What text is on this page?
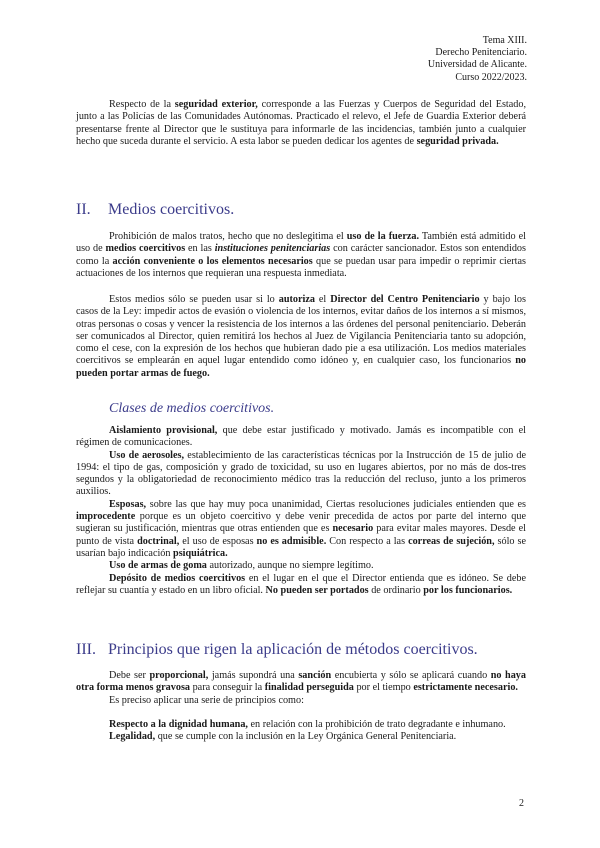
Tema XIII.
Derecho Penitenciario.
Universidad de Alicante.
Curso 2022/2023.

Respecto de la seguridad exterior, corresponde a las Fuerzas y Cuerpos de Seguridad del Estado, junto a las Policías de las Comunidades Autónomas. Practicado el relevo, el Jefe de Guardia Exterior deberá presentarse frente al Director que le sustituya para informarle de las incidencias, también junto a cualquier hecho que suceda durante el servicio. A esta labor se pueden dedicar los agentes de seguridad privada.

II. Medios coercitivos.

Prohibición de malos tratos, hecho que no deslegitima el uso de la fuerza. También está admitido el uso de medios coercitivos en las instituciones penitenciarias con carácter sancionador. Estos son entendidos como la acción conveniente o los elementos necesarios que se puedan usar para impedir o reprimir ciertas actuaciones de los internos que requieran una respuesta inmediata.

Estos medios sólo se pueden usar si lo autoriza el Director del Centro Penitenciario y bajo los casos de la Ley: impedir actos de evasión o violencia de los internos, evitar daños de los internos a sí mismos, otras personas o cosas y vencer la resistencia de los internos a las órdenes del personal penitenciario. Deberán ser comunicados al Director, quien remitirá los hechos al Juez de Vigilancia Penitenciaria tanto su adopción, como el cese, con la expresión de los hechos que hubieran dado pie a esa utilización. Los medios materiales coercitivos se emplearán en aquel lugar entendido como idóneo y, en cualquier caso, los funcionarios no pueden portar armas de fuego.

Clases de medios coercitivos.

Aislamiento provisional, que debe estar justificado y motivado. Jamás es incompatible con el régimen de comunicaciones.

Uso de aerosoles, establecimiento de las características técnicas por la Instrucción de 15 de julio de 1994: el tipo de gas, composición y grado de toxicidad, su uso en lugares abiertos, por no más de dos-tres segundos y la obligatoriedad de reconocimiento médico tras la reducción del recluso, junto a los primeros auxilios.

Esposas, sobre las que hay muy poca unanimidad, Ciertas resoluciones judiciales entienden que es improcedente porque es un objeto coercitivo y debe venir precedida de actos por parte del interno que sugieran su justificación, mientras que otras entienden que es necesario para evitar males mayores. Desde el punto de vista doctrinal, el uso de esposas no es admisible. Con respecto a las correas de sujeción, sólo se usarían bajo indicación psiquiátrica.

Uso de armas de goma autorizado, aunque no siempre legítimo.

Depósito de medios coercitivos en el lugar en el que el Director entienda que es idóneo. Se debe reflejar su cuantía y estado en un libro oficial. No pueden ser portados de ordinario por los funcionarios.

III. Principios que rigen la aplicación de métodos coercitivos.

Debe ser proporcional, jamás supondrá una sanción encubierta y sólo se aplicará cuando no haya otra forma menos gravosa para conseguir la finalidad perseguida por el tiempo estrictamente necesario.

Es preciso aplicar una serie de principios como:

Respecto a la dignidad humana, en relación con la prohibición de trato degradante e inhumano.

Legalidad, que se cumple con la inclusión en la Ley Orgánica General Penitenciaria.

2
